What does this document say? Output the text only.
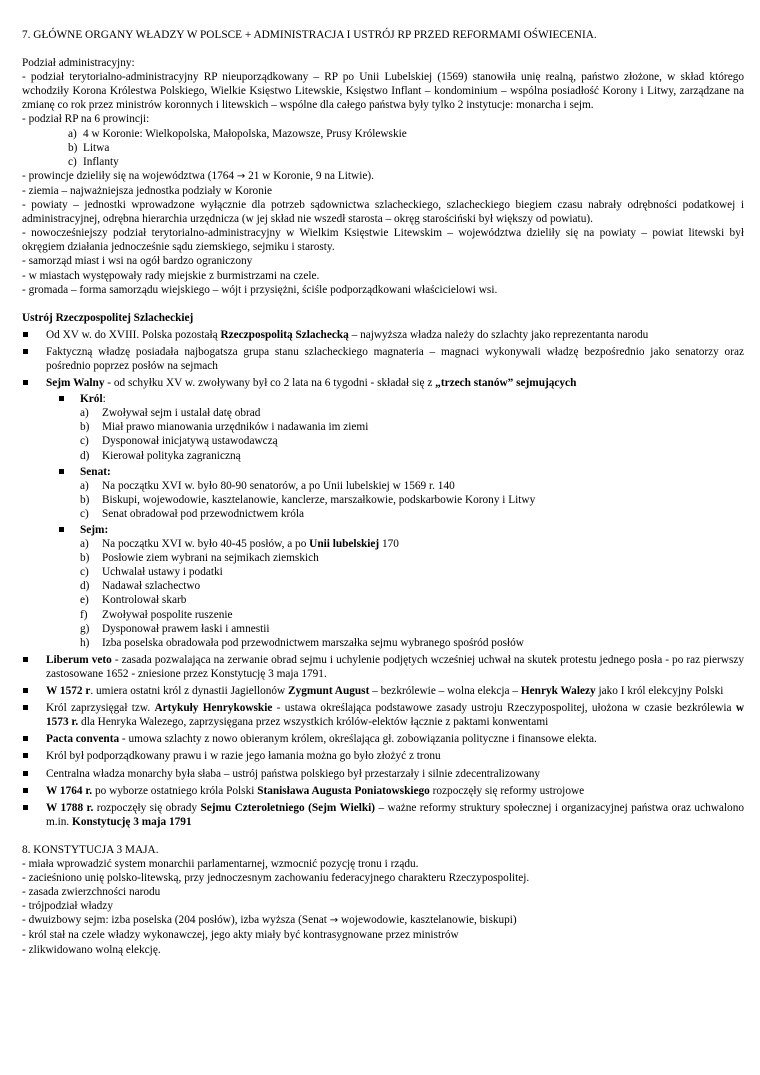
7. GŁÓWNE ORGANY WŁADZY W POLSCE + ADMINISTRACJA I USTRÓJ RP PRZED REFORMAMI OŚWIECENIA.

Podział administracyjny:

- podział terytorialno-administracyjny RP nieuporządkowany – RP po Unii Lubelskiej (1569) stanowiła unię realną, państwo złożone, w skład którego wchodziły Korona Królestwa Polskiego, Wielkie Księstwo Litewskie, Księstwo Inflant – kondominium – wspólna posiadłość Korony i Litwy, zarządzane na zmianę co rok przez ministrów koronnych i litewskich – wspólne dla całego państwa były tylko 2 instytucje: monarcha i sejm.

- podział RP na 6 prowincji:

a) 4 w Koronie: Wielkopolska, Małopolska, Mazowsze, Prusy Królewskie
b) Litwa
c) Inflanty

- prowincje dzieliły się na województwa (1764 → 21 w Koronie, 9 na Litwie).

- ziemia – najważniejsza jednostka podziały w Koronie

- powiaty – jednostki wprowadzone wyłącznie dla potrzeb sądownictwa szlacheckiego, szlacheckiego biegiem czasu nabrały odrębności podatkowej i administracyjnej, odrębna hierarchia urzędnicza (w jej skład nie wszedł starosta – okręg starościński był większy od powiatu).

- nowocześniejszy podział terytorialno-administracyjny w Wielkim Księstwie Litewskim – województwa dzieliły się na powiaty – powiat litewski był okręgiem działania jednocześnie sądu ziemskiego, sejmiku i starosty.

- samorząd miast i wsi na ogół bardzo ograniczony

- w miastach występowały rady miejskie z burmistrzami na czele.

- gromada – forma samorządu wiejskiego – wójt i przysiężni, ściśle podporządkowani właścicielowi wsi.

Ustrój Rzeczpospolitej Szlacheckiej

Od XV w. do XVIII. Polska pozostałą Rzeczpospolitą Szlachecką – najwyższa władza należy do szlachty jako reprezentanta narodu
Faktyczną władzę posiadała najbogatsza grupa stanu szlacheckiego magnateria – magnaci wykonywali władzę bezpośrednio jako senatorzy oraz pośrednio poprzez posłów na sejmach
Sejm Walny - od schyłku XV w. zwoływany był co 2 lata na 6 tygodni - składał się z „trzech stanów” sejmujących
Król:
a)	Zwoływał sejm i ustalał datę obrad
b)	Miał prawo mianowania urzędników i nadawania im ziemi
c)	Dysponował inicjatywą ustawodawczą
d)	Kierował polityka zagraniczną
Senat:
a)	Na początku XVI w. było 80-90 senatorów, a po Unii lubelskiej w 1569 r. 140
b)	Biskupi, wojewodowie, kasztelanowie, kanclerze, marszałkowie, podskarbowie Korony i Litwy
c)	Senat obradował pod przewodnictwem króla
Sejm:
a)	Na początku XVI w. było 40-45 posłów, a po Unii lubelskiej 170
b)	Posłowie ziem wybrani na sejmikach ziemskich
c)	Uchwalał ustawy i podatki
d)	Nadawał szlachectwo
e)	Kontrolował skarb
f)	Zwoływał pospolite ruszenie
g)	Dysponował prawem łaski i amnestii
h)	Izba poselska obradowała pod przewodnictwem marszałka sejmu wybranego spośród posłów
Liberum veto - zasada pozwalająca na zerwanie obrad sejmu i uchylenie podjętych wcześniej uchwał na skutek protestu jednego posła - po raz pierwszy zastosowane 1652 - zniesione przez Konstytucję 3 maja 1791.
W 1572 r. umiera ostatni król z dynastii Jagiellonów Zygmunt August – bezkrólewie – wolna elekcja – Henryk Walezy jako I król elekcyjny Polski
Król zaprzysięgał tzw. Artykuły Henrykowskie - ustawa określająca podstawowe zasady ustroju Rzeczypospolitej, ułożona w czasie bezkrólewia w 1573 r. dla Henryka Walezego, zaprzysięgana przez wszystkich królów-elektów łącznie z paktami konwentami
Pacta conventa - umowa szlachty z nowo obieranym królem, określająca gł. zobowiązania polityczne i finansowe elekta.
Król był podporządkowany prawu i w razie jego łamania można go było złożyć z tronu
Centralna władza monarchy była słaba – ustrój państwa polskiego był przestarzały i silnie zdecentralizowany
W 1764 r. po wyborze ostatniego króla Polski Stanisława Augusta Poniatowskiego rozpoczęły się reformy ustrojowe
W 1788 r. rozpoczęły się obrady Sejmu Czteroletniego (Sejm Wielki) – ważne reformy struktury społecznej i organizacyjnej państwa oraz uchwalono m.in. Konstytucję 3 maja 1791

8. KONSTYTUCJA 3 MAJA.

- miała wprowadzić system monarchii parlamentarnej, wzmocnić pozycję tronu i rządu.

- zacieśniono unię polsko-litewską, przy jednoczesnym zachowaniu federacyjnego charakteru Rzeczypospolitej.

- zasada zwierzchności narodu

- trójpodział władzy

- dwuizbowy sejm: izba poselska (204 posłów), izba wyższa (Senat → wojewodowie, kasztelanowie, biskupi)

- król stał na czele władzy wykonawczej, jego akty miały być kontrasygnowane przez ministrów

- zlikwidowano wolną elekcję.
